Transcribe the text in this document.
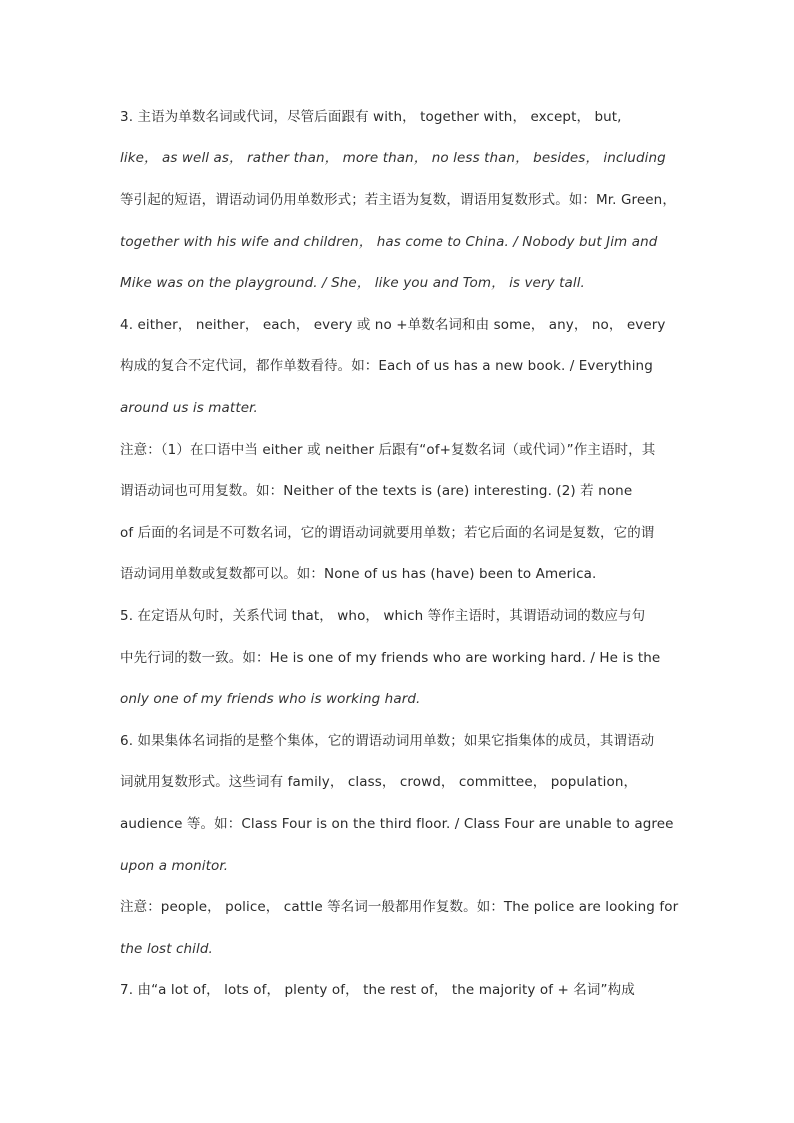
3. 主语为单数名词或代词，尽管后面跟有 with， together with， except， but,
like， as well as， rather than， more than， no less than， besides， including
等引起的短语，谓语动词仍用单数形式；若主语为复数，谓语用复数形式。如：Mr. Green，
together with his wife and children， has come to China. / Nobody but Jim and
Mike was on the playground. / She， like you and Tom， is very tall.
4. either， neither， each， every 或 no +单数名词和由 some， any， no， every
构成的复合不定代词，都作单数看待。如：Each of us has a new book. / Everything
around us is matter.
注意：（1）在口语中当 either 或 neither 后跟有“of+复数名词（或代词）”作主语时，其
谓语动词也可用复数。如：Neither of the texts is (are) interesting. (2) 若 none
of 后面的名词是不可数名词，它的谓语动词就要用单数；若它后面的名词是复数，它的谓
语动词用单数或复数都可以。如：None of us has (have) been to America.
5. 在定语从句时，关系代词 that， who， which 等作主语时，其谓语动词的数应与句
中先行词的数一致。如：He is one of my friends who are working hard. / He is the
only one of my friends who is working hard.
6. 如果集体名词指的是整个集体，它的谓语动词用单数；如果它指集体的成员，其谓语动
词就用复数形式。这些词有 family， class， crowd， committee， population，
audience 等。如：Class Four is on the third floor. / Class Four are unable to agree
upon a monitor.
注意：people， police， cattle 等名词一般都用作复数。如：The police are looking for
the lost child.
7. 由“a lot of， lots of， plenty of， the rest of， the majority of + 名词”构成
